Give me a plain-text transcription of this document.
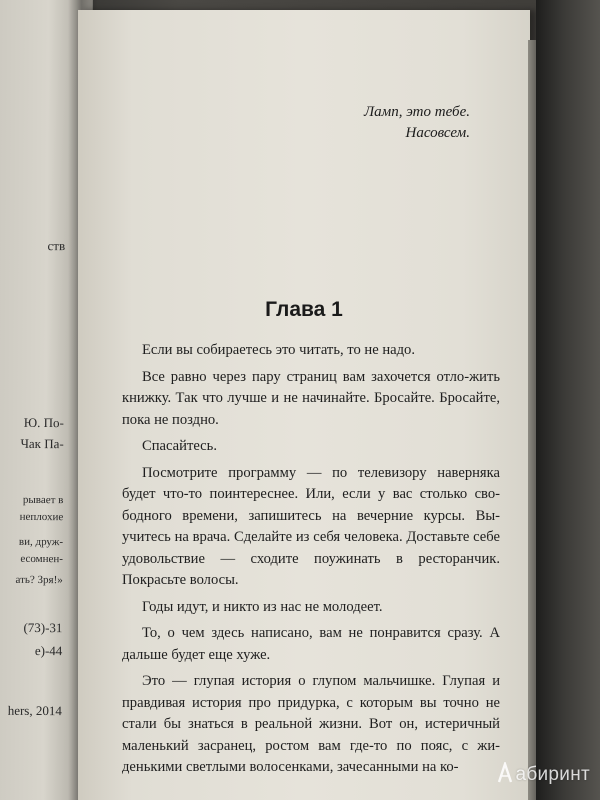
ств
Ю. По-
Чак Па-
рывает в
неплохие
ви, друж-
есомнен-
ать? Зря!»
(73)-31
е)-44
hers, 2014
Ламп, это тебе.
Насовсем.
Глава 1

Если вы собираетесь это читать, то не надо.

Все равно через пару страниц вам захочется отло-жить книжку. Так что лучше и не начинайте. Бросайте. Бросайте, пока не поздно.

Спасайтесь.

Посмотрите программу — по телевизору наверняка будет что-то поинтереснее. Или, если у вас столько сво-бодного времени, запишитесь на вечерние курсы. Вы-учитесь на врача. Сделайте из себя человека. Доставьте себе удовольствие — сходите поужинать в ресторанчик. Покрасьте волосы.

Годы идут, и никто из нас не молодеет.

То, о чем здесь написано, вам не понравится сразу. А дальше будет еще хуже.

Это — глупая история о глупом мальчишке. Глупая и правдивая история про придурка, с которым вы точно не стали бы знаться в реальной жизни. Вот он, истеричный маленький засранец, ростом вам где-то по пояс, с жи-денькими светлыми волосенками, зачесанными на ко-	абиринт
